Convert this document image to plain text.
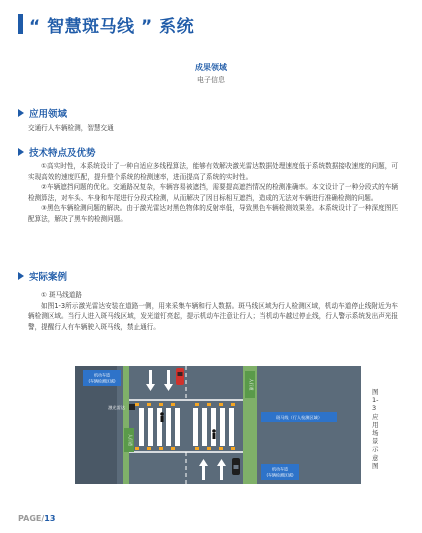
“ 智慧斑马线 ” 系统
成果领域
电子信息
应用领域
交通行人车辆检测，智慧交通
技术特点及优势

①高实时性，本系统设计了一种自适应多线程算法，能够有效解决激光雷达数据处理速度低于系统数据接收速度的问题，可实现高效的速度匹配，提升整个系统的检测速率，进而提高了系统的实时性。

②车辆遮挡问题的优化。交通路况复杂，车辆容易被遮挡，需要提高遮挡情况的检测准确率。本文设计了一种分段式的车辆检测算法，对车头、车身和车尾进行分段式检测，从而解决了因目标相互遮挡，造成的无法对车辆进行准确检测的问题。

③黑色车辆检测问题的解决。由于激光雷达对黑色物体的反射率低，导致黑色车辆检测效果差。本系统设计了一种深度图匹配算法，解决了黑车的检测问题。

实际案例

① 斑马线道路

如图1-3所示激光雷达安装在道路一侧，用来采集车辆和行人数据。斑马线区域为行人检测区域，机动车道停止线附近为车辆检测区域。当行人进入斑马线区域，发光道钉亮起，提示机动车注意让行人；当机动车越过停止线，行人警示系统发出声光报警，提醒行人有车辆驶入斑马线，禁止通行。

激光雷达
机动车道
(车辆检测区域)	人行道
斑马线（行人检测区域）
人行道
机动车道
(车辆检测区域)
图1-3 应用场景示意图
PAGE/13
